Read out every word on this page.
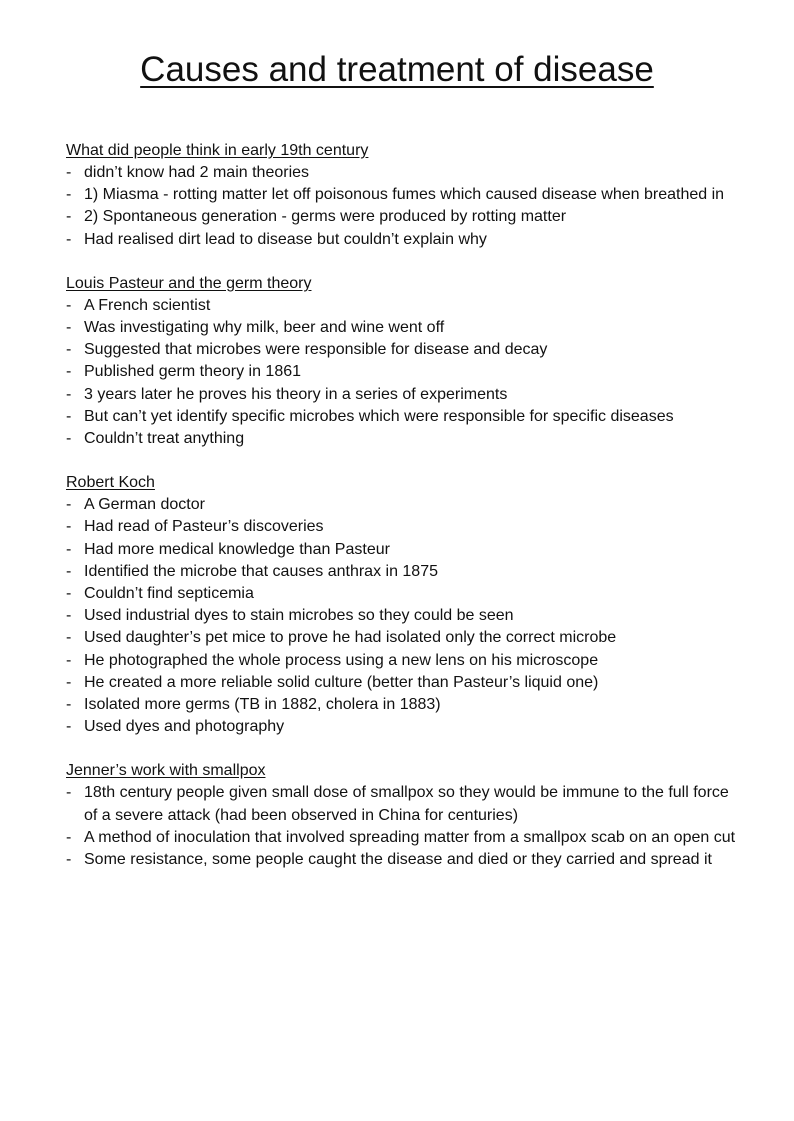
Causes and treatment of disease

What did people think in early 19th century

- didn’t know had 2 main theories
- 1) Miasma - rotting matter let off poisonous fumes which caused disease when breathed in
- 2) Spontaneous generation - germs were produced by rotting matter
- Had realised dirt lead to disease but couldn’t explain why

Louis Pasteur and the germ theory

- A French scientist
- Was investigating why milk, beer and wine went off
- Suggested that microbes were responsible for disease and decay
- Published germ theory in 1861
- 3 years later he proves his theory in a series of experiments
- But can’t yet identify specific microbes which were responsible for specific diseases
- Couldn’t treat anything

Robert Koch

- A German doctor
- Had read of Pasteur’s discoveries
- Had more medical knowledge than Pasteur
- Identified the microbe that causes anthrax in 1875
- Couldn’t find septicemia
- Used industrial dyes to stain microbes so they could be seen
- Used daughter’s pet mice to prove he had isolated only the correct microbe
- He photographed the whole process using a new lens on his microscope
- He created a more reliable solid culture (better than Pasteur’s liquid one)
- Isolated more germs (TB in 1882, cholera in 1883)
- Used dyes and photography

Jenner’s work with smallpox

- 18th century people given small dose of smallpox so they would be immune to the full force of a severe attack (had been observed in China for centuries)
- A method of inoculation that involved spreading matter from a smallpox scab on an open cut
- Some resistance, some people caught the disease and died or they carried and spread it
